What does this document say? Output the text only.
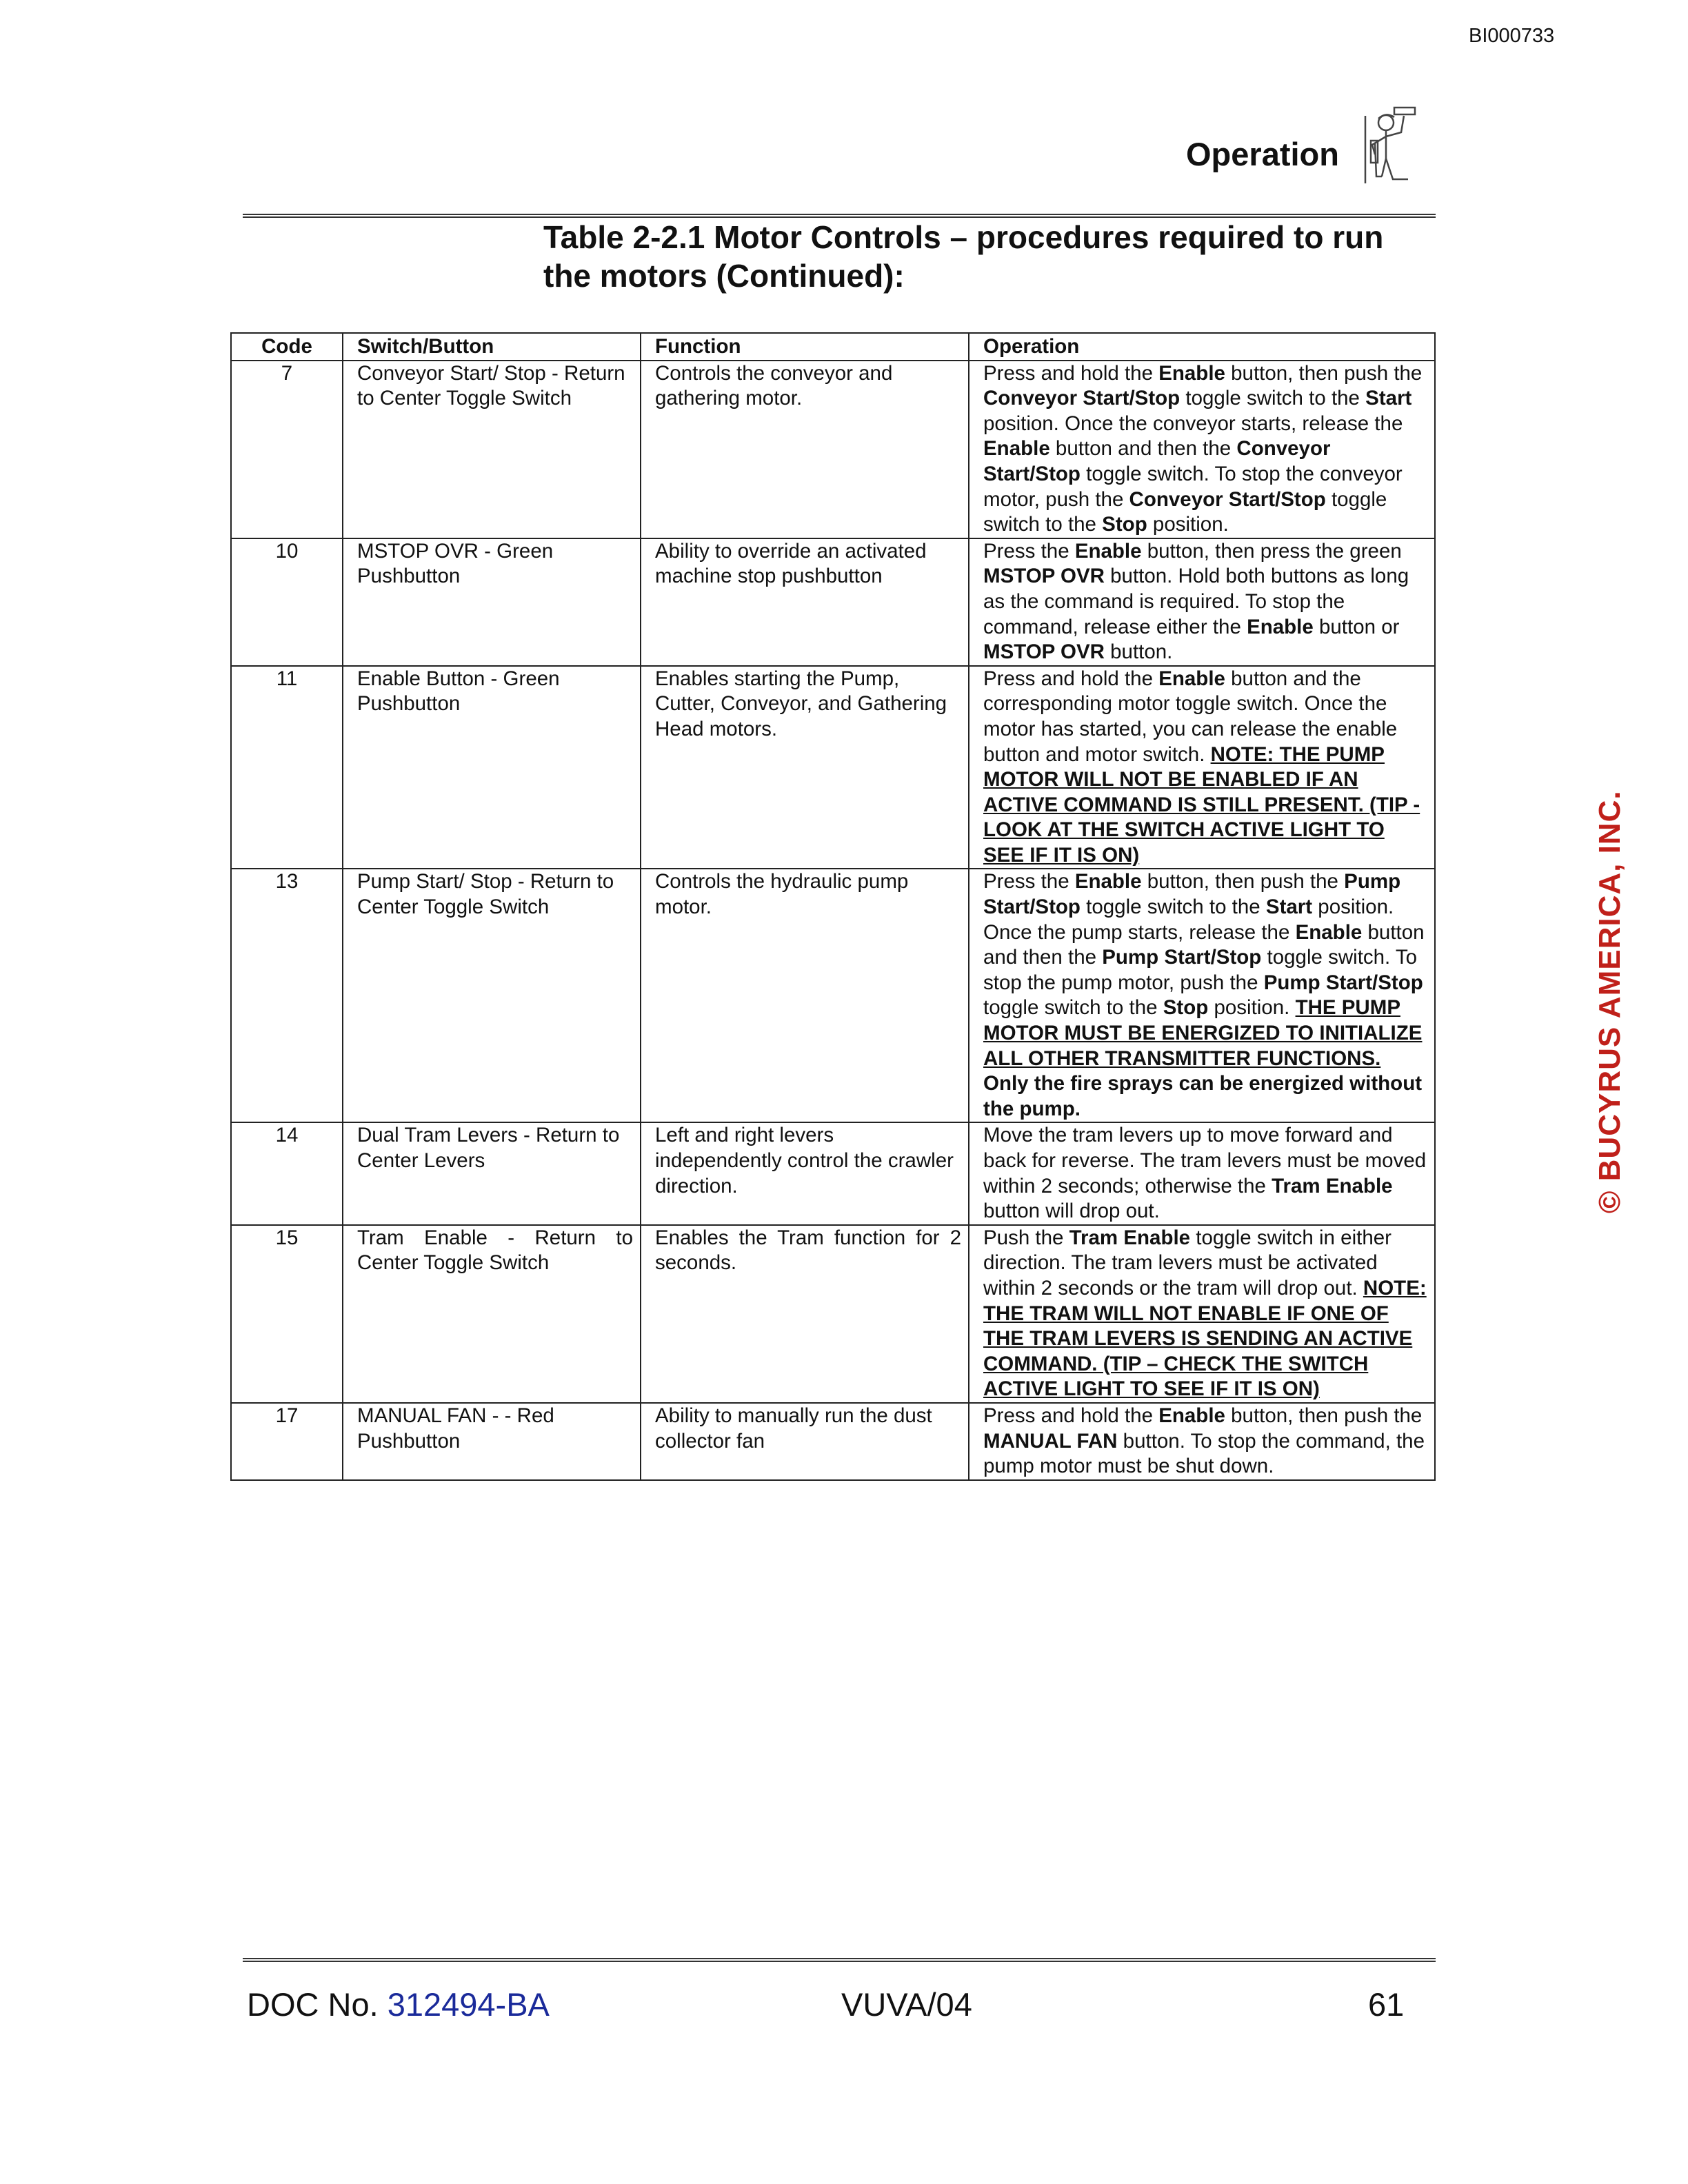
BI000733
Operation
Table 2-2.1 Motor Controls – procedures required to run the motors (Continued):
Code	Switch/Button	Function	Operation
7	Conveyor Start/ Stop - Return to Center Toggle Switch	Controls the conveyor and gathering motor.	Press and hold the Enable button, then push the Conveyor Start/Stop toggle switch to the Start position. Once the conveyor starts, release the Enable button and then the Conveyor Start/Stop toggle switch. To stop the conveyor motor, push the Conveyor Start/Stop toggle switch to the Stop position.
10	MSTOP OVR - Green Pushbutton	Ability to override an activated machine stop pushbutton	Press the Enable button, then press the green MSTOP OVR button. Hold both buttons as long as the command is required. To stop the command, release either the Enable button or MSTOP OVR button.
11	Enable Button - Green Pushbutton	Enables starting the Pump, Cutter, Conveyor, and Gathering Head motors.	Press and hold the Enable button and the corresponding motor toggle switch. Once the motor has started, you can release the enable button and motor switch. NOTE: THE PUMP MOTOR WILL NOT BE ENABLED IF AN ACTIVE COMMAND IS STILL PRESENT. (TIP - LOOK AT THE SWITCH ACTIVE LIGHT TO SEE IF IT IS ON)
13	Pump Start/ Stop - Return to Center Toggle Switch	Controls the hydraulic pump motor.	Press the Enable button, then push the Pump Start/Stop toggle switch to the Start position. Once the pump starts, release the Enable button and then the Pump Start/Stop toggle switch. To stop the pump motor, push the Pump Start/Stop toggle switch to the Stop position. THE PUMP MOTOR MUST BE ENERGIZED TO INITIALIZE ALL OTHER TRANSMITTER FUNCTIONS. Only the fire sprays can be energized without the pump.
14	Dual Tram Levers - Return to Center Levers	Left and right levers independently control the crawler direction.	Move the tram levers up to move forward and back for reverse. The tram levers must be moved within 2 seconds; otherwise the Tram Enable button will drop out.
15	Tram Enable - Return to Center Toggle Switch	Enables the Tram function for 2 seconds.	Push the Tram Enable toggle switch in either direction. The tram levers must be activated within 2 seconds or the tram will drop out. NOTE: THE TRAM WILL NOT ENABLE IF ONE OF THE TRAM LEVERS IS SENDING AN ACTIVE COMMAND. (TIP – CHECK THE SWITCH ACTIVE LIGHT TO SEE IF IT IS ON)
17	MANUAL FAN - - Red Pushbutton	Ability to manually run the dust collector fan	Press and hold the Enable button, then push the MANUAL FAN button. To stop the command, the pump motor must be shut down.
© BUCYRUS AMERICA, INC.
DOC No. 312494-BA	VUVA/04	61
